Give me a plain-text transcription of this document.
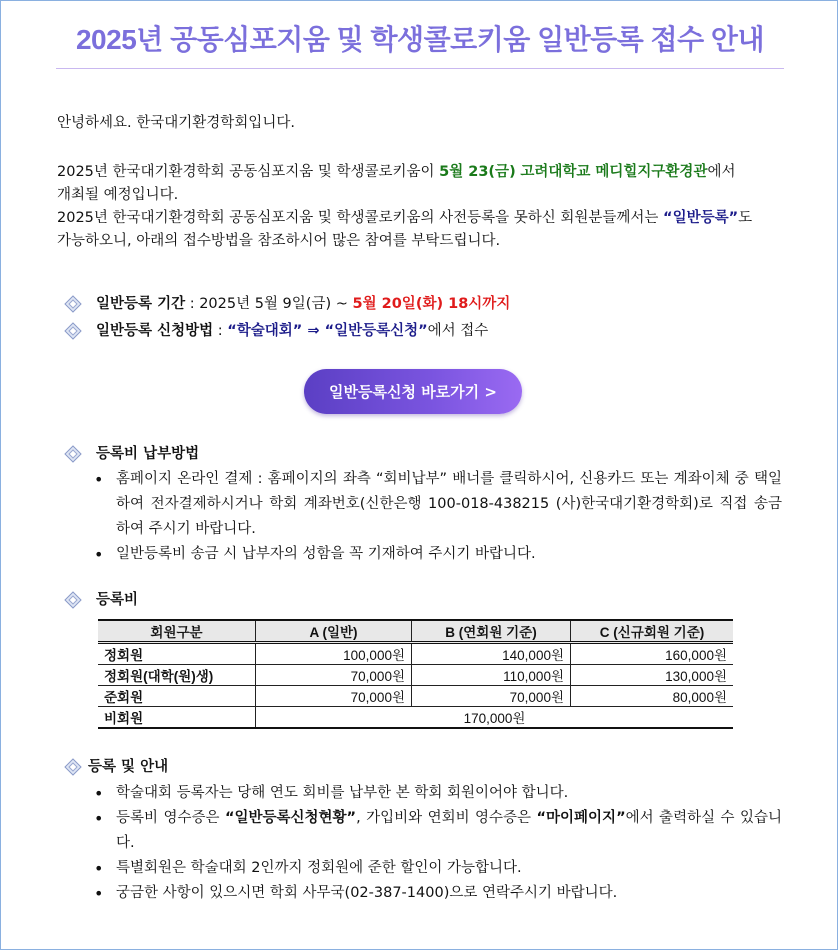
2025년 공동심포지움 및 학생콜로키움 일반등록 접수 안내
안녕하세요. 한국대기환경학회입니다.
2025년 한국대기환경학회 공동심포지움 및 학생콜로키움이 5월 23(금) 고려대학교 메디힐지구환경관에서
개최될 예정입니다.
2025년 한국대기환경학회 공동심포지움 및 학생콜로키움의 사전등록을 못하신 회원분들께서는 “일반등록”도
가능하오니, 아래의 접수방법을 참조하시어 많은 참여를 부탁드립니다.
일반등록 기간 : 2025년 5월 9일(금) ~ 5월 20일(화) 18시까지
일반등록 신청방법 : “학술대회” ⇒ “일반등록신청” 에서 접수
일반등록신청 바로가기 >
등록비 납부방법
• 홈페이지 온라인 결제 : 홈페이지의 좌측 “회비납부” 배너를 클릭하시어, 신용카드 또는 계좌이체 중 택일하여 전자결제하시거나 학회 계좌번호(신한은행 100-018-438215 (사)한국대기환경학회)로 직접 송금하여 주시기 바랍니다.
• 일반등록비 송금 시 납부자의 성함을 꼭 기재하여 주시기 바랍니다.
등록비
회원구분	A (일반)	B (연회원 기준)	C (신규회원 기준)
정회원	100,000원	140,000원	160,000원
정회원(대학(원)생)	70,000원	110,000원	130,000원
준회원	70,000원	70,000원	80,000원
비회원	170,000원		
등록 및 안내
• 학술대회 등록자는 당해 연도 회비를 납부한 본 학회 회원이어야 합니다.
• 등록비 영수증은 “일반등록신청현황”, 가입비와 연회비 영수증은 “마이페이지”에서 출력하실 수 있습니다.
• 특별회원은 학술대회 2인까지 정회원에 준한 할인이 가능합니다.
• 궁금한 사항이 있으시면 학회 사무국(02-387-1400)으로 연락주시기 바랍니다.
